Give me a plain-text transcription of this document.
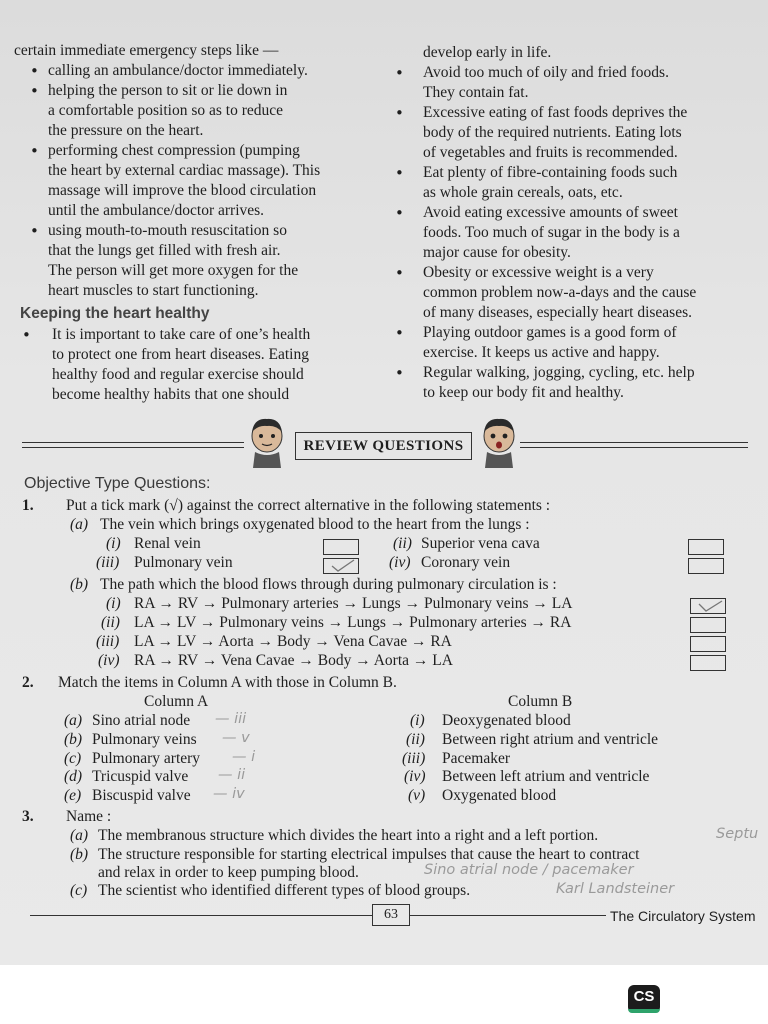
certain immediate emergency steps like —
• calling an ambulance/doctor immediately.
• helping the person to sit or lie down in
a comfortable position so as to reduce
the pressure on the heart.
• performing chest compression (pumping
the heart by external cardiac massage). This
massage will improve the blood circulation
until the ambulance/doctor arrives.
• using mouth-to-mouth resuscitation so
that the lungs get filled with fresh air.
The person will get more oxygen for the
heart muscles to start functioning.
Keeping the heart healthy
• It is important to take care of one’s health
to protect one from heart diseases. Eating
healthy food and regular exercise should
become healthy habits that one should
develop early in life.
• Avoid too much of oily and fried foods.
They contain fat.
• Excessive eating of fast foods deprives the
body of the required nutrients. Eating lots
of vegetables and fruits is recommended.
• Eat plenty of fibre-containing foods such
as whole grain cereals, oats, etc.
• Avoid eating excessive amounts of sweet
foods. Too much of sugar in the body is a
major cause for obesity.
• Obesity or excessive weight is a very
common problem now-a-days and the cause
of many diseases, especially heart diseases.
• Playing outdoor games is a good form of
exercise. It keeps us active and happy.
• Regular walking, jogging, cycling, etc. help
to keep our body fit and healthy.
REVIEW QUESTIONS
Objective Type Questions:
1. Put a tick mark (√) against the correct alternative in the following statements :
(a) The vein which brings oxygenated blood to the heart from the lungs :
(i) Renal vein	(ii) Superior vena cava
(iii) Pulmonary vein	(iv) Coronary vein
(b) The path which the blood flows through during pulmonary circulation is :
(i) RA → RV → Pulmonary arteries → Lungs → Pulmonary veins → LA
(ii) LA → LV → Pulmonary veins → Lungs → Pulmonary arteries → RA
(iii) LA → LV → Aorta → Body → Vena Cavae → RA
(iv) RA → RV → Vena Cavae → Body → Aorta → LA
2. Match the items in Column A with those in Column B.
Column A	Column B
(a) Sino atrial node — iii	(i) Deoxygenated blood
(b) Pulmonary veins — v	(ii) Between right atrium and ventricle
(c) Pulmonary artery — i	(iii) Pacemaker
(d) Tricuspid valve — ii	(iv) Between left atrium and ventricle
(e) Biscuspid valve — iv	(v) Oxygenated blood
3. Name :
(a) The membranous structure which divides the heart into a right and a left portion.	Septu
(b) The structure responsible for starting electrical impulses that cause the heart to contract
and relax in order to keep pumping blood.	Sino atrial node / pacemaker
(c) The scientist who identified different types of blood groups.	Karl Landsteiner
63	The Circulatory System
CS
